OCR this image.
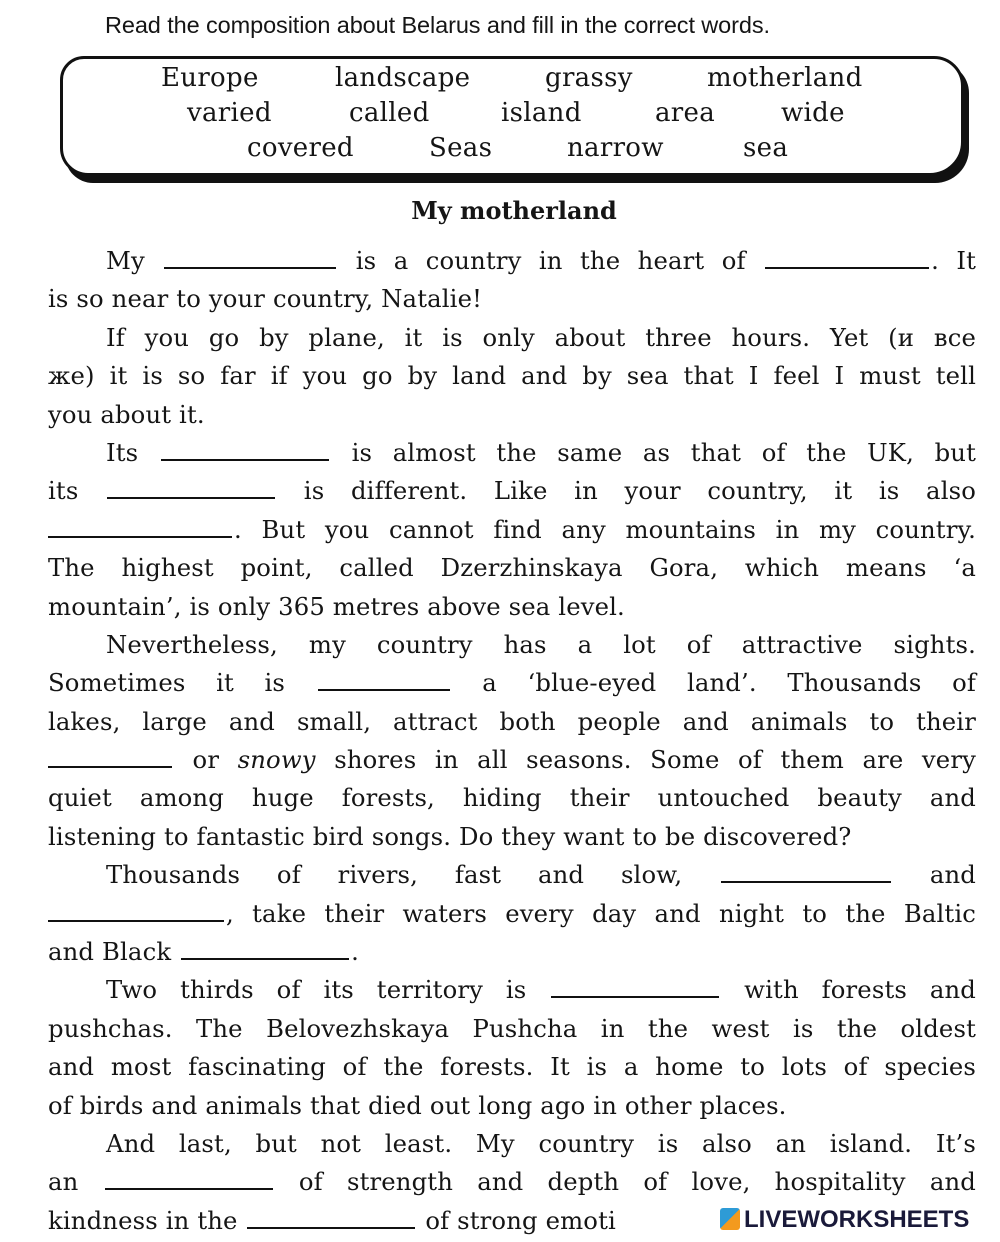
Read the composition about Belarus and fill in the correct words.
Europe	landscape	grassy	motherland
varied	called	island	area	wide
covered	Seas	narrow	sea
My motherland
My	is a country in the heart of	. It
is so near to your country, Natalie!
If you go by plane, it is only about three hours. Yet (и все
же) it is so far if you go by land and by sea that I feel I must tell
you about it.
Its	is almost the same as that of the UK, but
its	is different. Like in your country, it is also
. But you cannot find any mountains in my country.
The highest point, called Dzerzhinskaya Gora, which means ‘a
mountain’, is only 365 metres above sea level.
Nevertheless, my country has a lot of attractive sights.
Sometimes it is	a ‘blue-eyed land’. Thousands of
lakes, large and small, attract both people and animals to their
or snowy shores in all seasons. Some of them are very
quiet among huge forests, hiding their untouched beauty and
listening to fantastic bird songs. Do they want to be discovered?
Thousands of rivers, fast and slow,	and
, take their waters every day and night to the Baltic
and Black	.
Two thirds of its territory is	with forests and
pushchas. The Belovezhskaya Pushcha in the west is the oldest
and most fascinating of the forests. It is a home to lots of species
of birds and animals that died out long ago in other places.
And last, but not least. My country is also an island. It’s
an	of strength and depth of love, hospitality and
kindness in the	of strong emoti	LIVEWORKSHEETS
